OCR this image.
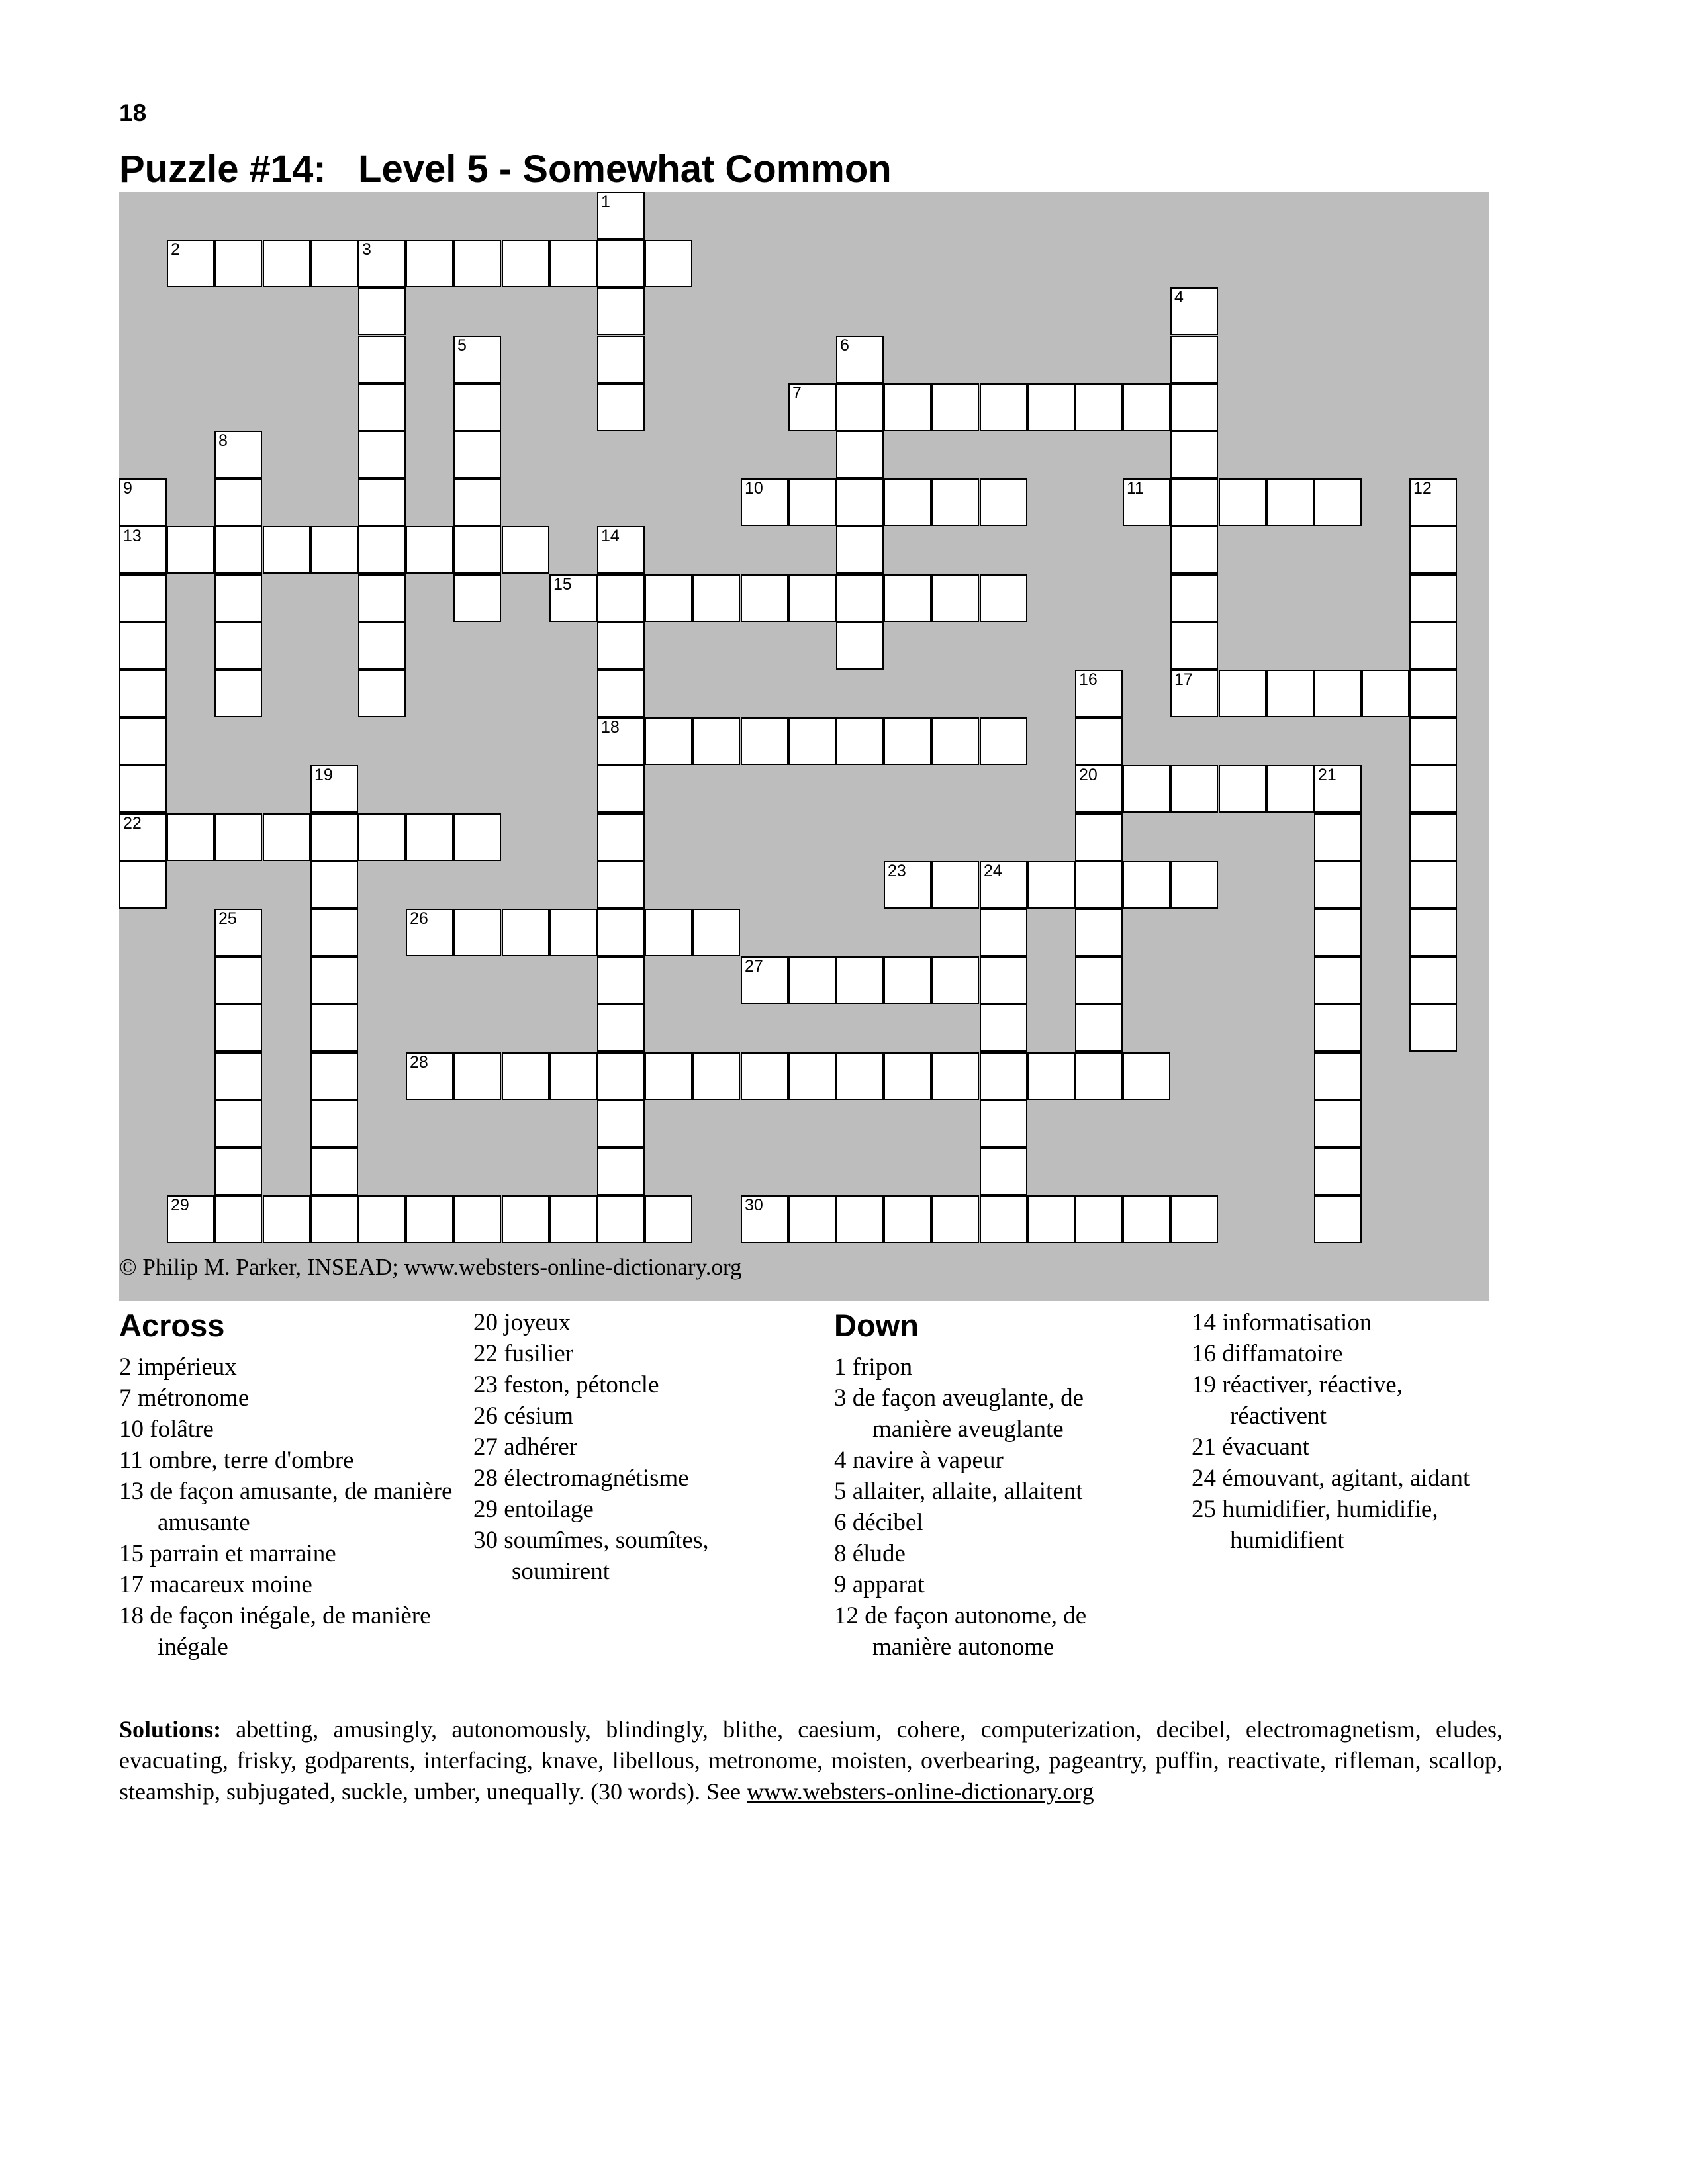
18
Puzzle #14:   Level 5 - Somewhat Common
© Philip M. Parker, INSEAD; www.websters-online-dictionary.org
1
2	3
4
5	6
7
8
9
13
22
10	11	12
14
18
15
16
20
17
19	21
23	24
25	26
27
28
29	30
Across
2 impérieux
7 métronome
10 folâtre
11 ombre, terre d'ombre
13 de façon amusante, de manière amusante
15 parrain et marraine
17 macareux moine
18 de façon inégale, de manière inégale
20 joyeux
22 fusilier
23 feston, pétoncle
26 césium
27 adhérer
28 électromagnétisme
29 entoilage
30 soumîmes, soumîtes, soumirent
Down
1 fripon
3 de façon aveuglante, de manière aveuglante
4 navire à vapeur
5 allaiter, allaite, allaitent
6 décibel
8 élude
9 apparat
12 de façon autonome, de manière autonome
14 informatisation
16 diffamatoire
19 réactiver, réactive, réactivent
21 évacuant
24 émouvant, agitant, aidant
25 humidifier, humidifie, humidifient
Solutions: abetting, amusingly, autonomously, blindingly, blithe, caesium, cohere, computerization, decibel, electromagnetism, eludes, evacuating, frisky, godparents, interfacing, knave, libellous, metronome, moisten, overbearing, pageantry, puffin, reactivate, rifleman, scallop, steamship, subjugated, suckle, umber, unequally. (30 words). See www.websters-online-dictionary.org
